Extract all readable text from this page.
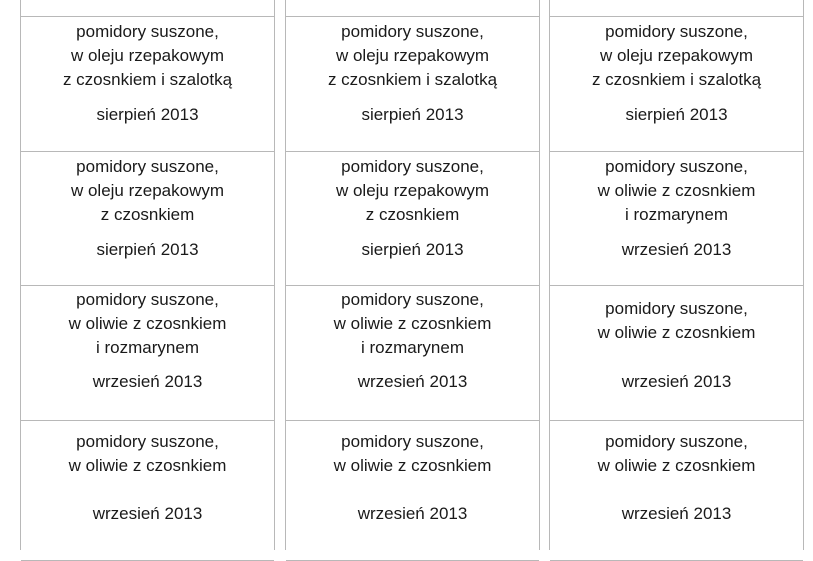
pomidory suszone,
w oleju rzepakowym
z czosnkiem i szalotką
sierpień 2013
pomidory suszone,
w oleju rzepakowym
z czosnkiem
sierpień 2013
pomidory suszone,
w oliwie z czosnkiem
i rozmarynem
wrzesień 2013
pomidory suszone,
w oliwie z czosnkiem
wrzesień 2013
pomidory suszone,
w oleju rzepakowym
z czosnkiem i szalotką
sierpień 2013
pomidory suszone,
w oleju rzepakowym
z czosnkiem
sierpień 2013
pomidory suszone,
w oliwie z czosnkiem
i rozmarynem
wrzesień 2013
pomidory suszone,
w oliwie z czosnkiem
wrzesień 2013
pomidory suszone,
w oleju rzepakowym
z czosnkiem i szalotką
sierpień 2013
pomidory suszone,
w oliwie z czosnkiem
i rozmarynem
wrzesień 2013
pomidory suszone,
w oliwie z czosnkiem
wrzesień 2013
pomidory suszone,
w oliwie z czosnkiem
wrzesień 2013
